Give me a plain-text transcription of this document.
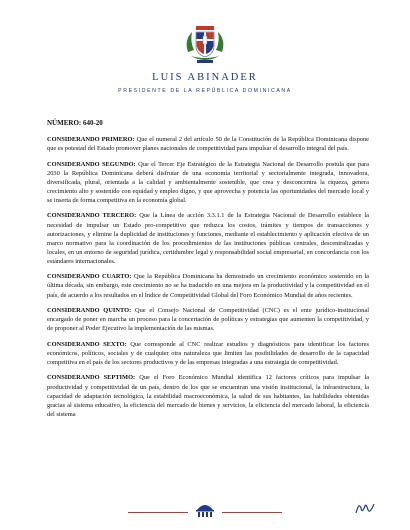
LUIS ABINADER
PRESIDENTE DE LA REPÚBLICA DOMINICANA
NÚMERO: 640-20

CONSIDERANDO PRIMERO: Que el numeral 2 del artículo 50 de la Constitución de la República Dominicana dispone que es potestad del Estado promover planes nacionales de competitividad para impulsar el desarrollo integral del país.

CONSIDERANDO SEGUNDO: Que el Tercer Eje Estratégico de la Estrategia Nacional de Desarrollo postula que para 2030 la República Dominicana deberá disfrutar de una economía territorial y sectorialmente integrada, innovadora, diversificada, plural, orientada a la calidad y ambientalmente sostenible, que crea y desconcentra la riqueza, genera crecimiento alto y sostenido con equidad y empleo digno, y que aprovecha y potencia las oportunidades del mercado local y se inserta de forma competitiva en la economía global.

CONSIDERANDO TERCERO: Que la Línea de acción 3.3.1.1 de la Estrategia Nacional de Desarrollo establece la necesidad de impulsar un Estado pro-competitivo que reduzca los costos, trámites y tiempos de transacciones y autorizaciones, y elimine la duplicidad de instituciones y funciones, mediante el establecimiento y aplicación efectiva de un marco normativo para la coordinación de los procedimientos de las instituciones públicas centrales, descentralizadas y locales, en un entorno de seguridad jurídica, certidumbre legal y responsabilidad social empresarial, en concordancia con los estándares internacionales.

CONSIDERANDO CUARTO: Que la República Dominicana ha demostrado un crecimiento económico sostenido en la última década, sin embargo, este crecimiento no se ha traducido en una mejora en la productividad y la competitividad en el país, de acuerdo a los resultados en el Índice de Competitividad Global del Foro Económico Mundial de años recientes.

CONSIDERANDO QUINTO: Que el Consejo Nacional de Competitividad (CNC) es el ente jurídico-institucional encargado de poner en marcha un proceso para la concertación de políticas y estrategias que aumenten la competitividad, y de proponer al Poder Ejecutivo la implementación de las mismas.

CONSIDERANDO SEXTO: Que corresponde al CNC realizar estudios y diagnósticos para identificar los factores económicos, políticos, sociales y de cualquier otra naturaleza que limiten las posibilidades de desarrollo de la capacidad competitiva en el país de los sectores productivos y de las empresas integradas a una estrategia de competitividad.

CONSIDERANDO SEPTIMO: Que el Foro Económico Mundial identifica 12 factores críticos para impulsar la productividad y competitividad de un país, dentro de los que se encuentran una visión institucional, la infraestructura, la capacidad de adaptación tecnológica, la estabilidad macroeconómica, la salud de sus habitantes, las habilidades obtenidas gracias al sistema educativo, la eficiencia del mercado de bienes y servicios, la eficiencia del mercado laboral, la eficiencia del sistema
